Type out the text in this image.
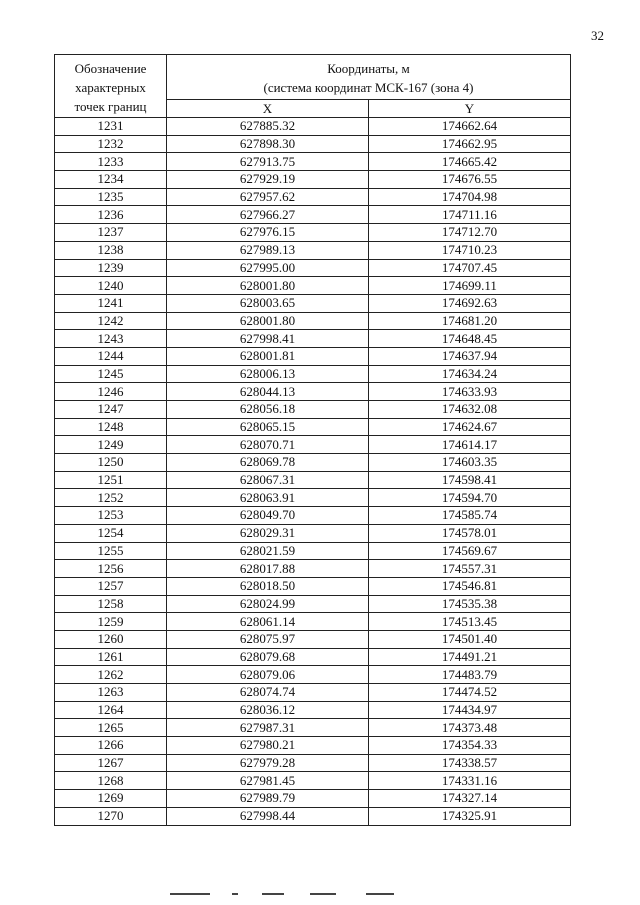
32
Обозначение
характерных
точек границ	Координаты, м
(система координат МСК-167 (зона 4)	

	X	Y
1231	627885.32	174662.64
1232	627898.30	174662.95
1233	627913.75	174665.42
1234	627929.19	174676.55
1235	627957.62	174704.98
1236	627966.27	174711.16
1237	627976.15	174712.70
1238	627989.13	174710.23
1239	627995.00	174707.45
1240	628001.80	174699.11
1241	628003.65	174692.63
1242	628001.80	174681.20
1243	627998.41	174648.45
1244	628001.81	174637.94
1245	628006.13	174634.24
1246	628044.13	174633.93
1247	628056.18	174632.08
1248	628065.15	174624.67
1249	628070.71	174614.17
1250	628069.78	174603.35
1251	628067.31	174598.41
1252	628063.91	174594.70
1253	628049.70	174585.74
1254	628029.31	174578.01
1255	628021.59	174569.67
1256	628017.88	174557.31
1257	628018.50	174546.81
1258	628024.99	174535.38
1259	628061.14	174513.45
1260	628075.97	174501.40
1261	628079.68	174491.21
1262	628079.06	174483.79
1263	628074.74	174474.52
1264	628036.12	174434.97
1265	627987.31	174373.48
1266	627980.21	174354.33
1267	627979.28	174338.57
1268	627981.45	174331.16
1269	627989.79	174327.14
1270	627998.44	174325.91
